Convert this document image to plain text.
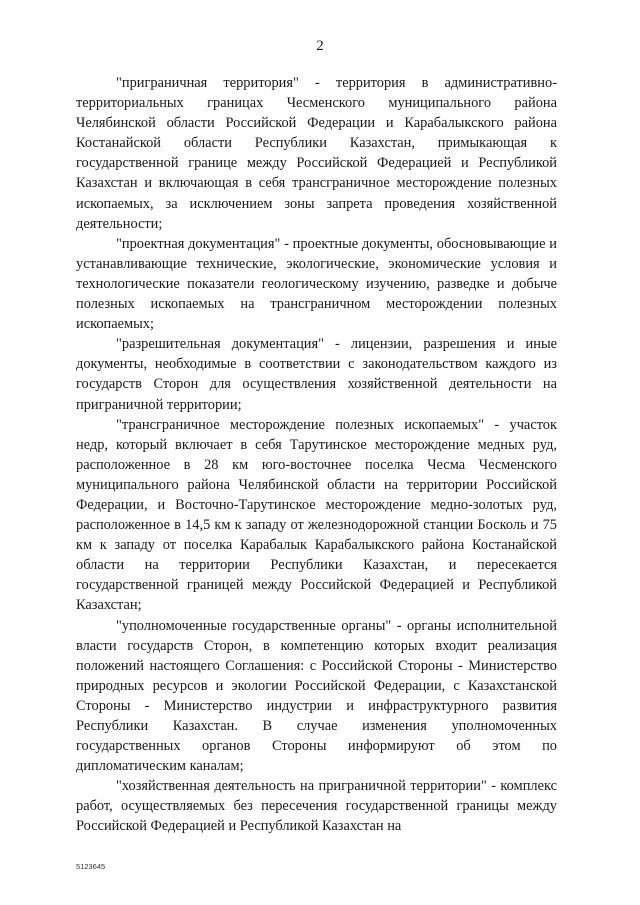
2

"приграничная территория" - территория в административно-территориальных границах Чесменского муниципального района Челябинской области Российской Федерации и Карабалыкского района Костанайской области Республики Казахстан, примыкающая к государственной границе между Российской Федерацией и Республикой Казахстан и включающая в себя трансграничное месторождение полезных ископаемых, за исключением зоны запрета проведения хозяйственной деятельности;

"проектная документация" - проектные документы, обосновывающие и устанавливающие технические, экологические, экономические условия и технологические показатели геологическому изучению, разведке и добыче полезных ископаемых на трансграничном месторождении полезных ископаемых;

"разрешительная документация" - лицензии, разрешения и иные документы, необходимые в соответствии с законодательством каждого из государств Сторон для осуществления хозяйственной деятельности на приграничной территории;

"трансграничное месторождение полезных ископаемых" - участок недр, который включает в себя Тарутинское месторождение медных руд, расположенное в 28 км юго-восточнее поселка Чесма Чесменского муниципального района Челябинской области на территории Российской Федерации, и Восточно-Тарутинское месторождение медно-золотых руд, расположенное в 14,5 км к западу от железнодорожной станции Босколь и 75 км к западу от поселка Карабалык Карабалыкского района Костанайской области на территории Республики Казахстан, и пересекается государственной границей между Российской Федерацией и Республикой Казахстан;

"уполномоченные государственные органы" - органы исполнительной власти государств Сторон, в компетенцию которых входит реализация положений настоящего Соглашения: с Российской Стороны - Министерство природных ресурсов и экологии Российской Федерации, с Казахстанской Стороны - Министерство индустрии и инфраструктурного развития Республики Казахстан. В случае изменения уполномоченных государственных органов Стороны информируют об этом по дипломатическим каналам;

"хозяйственная деятельность на приграничной территории" - комплекс работ, осуществляемых без пересечения государственной границы между Российской Федерацией и Республикой Казахстан на

5123645
